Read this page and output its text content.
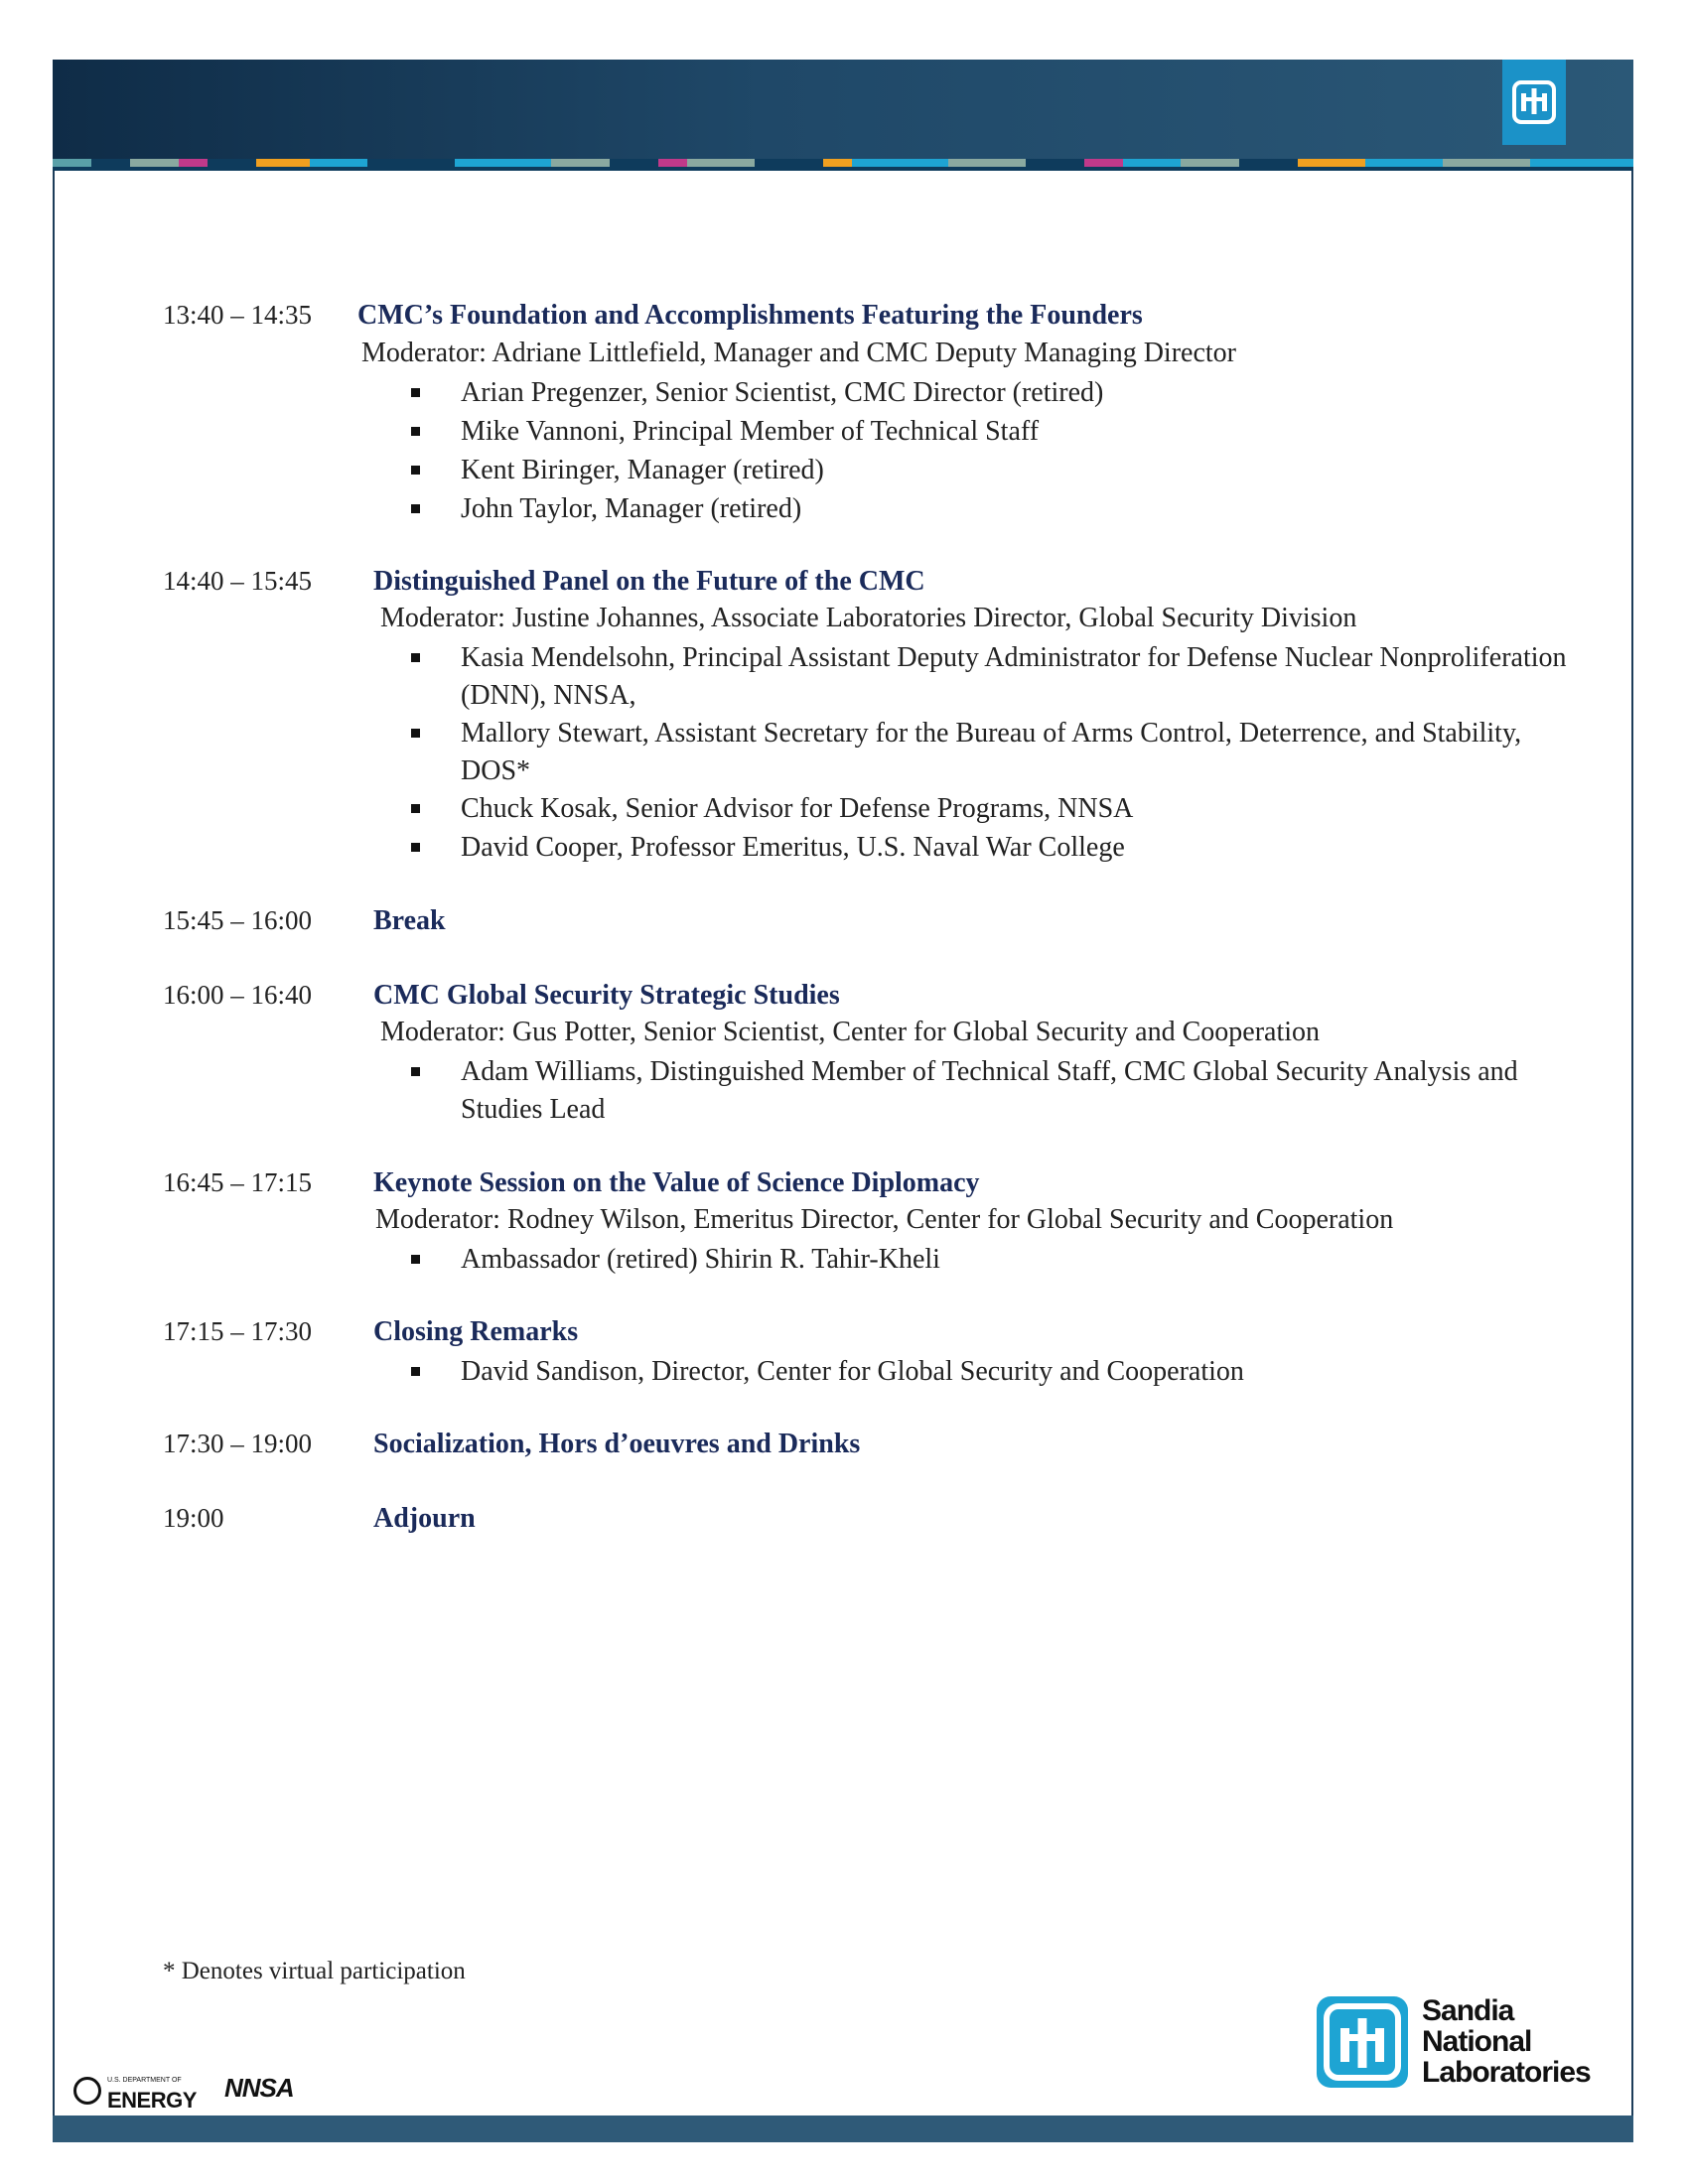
13:40 – 14:35 CMC’s Foundation and Accomplishments Featuring the Founders
Moderator: Adriane Littlefield, Manager and CMC Deputy Managing Director
Arian Pregenzer, Senior Scientist, CMC Director (retired)
Mike Vannoni, Principal Member of Technical Staff
Kent Biringer, Manager (retired)
John Taylor, Manager (retired)
14:40 – 15:45 Distinguished Panel on the Future of the CMC
Moderator: Justine Johannes, Associate Laboratories Director, Global Security Division
Kasia Mendelsohn, Principal Assistant Deputy Administrator for Defense Nuclear Nonproliferation (DNN), NNSA,
Mallory Stewart, Assistant Secretary for the Bureau of Arms Control, Deterrence, and Stability, DOS*
Chuck Kosak, Senior Advisor for Defense Programs, NNSA
David Cooper, Professor Emeritus, U.S. Naval War College
15:45 – 16:00 Break
16:00 – 16:40 CMC Global Security Strategic Studies
Moderator: Gus Potter, Senior Scientist, Center for Global Security and Cooperation
Adam Williams, Distinguished Member of Technical Staff, CMC Global Security Analysis and Studies Lead
16:45 – 17:15 Keynote Session on the Value of Science Diplomacy
Moderator: Rodney Wilson, Emeritus Director, Center for Global Security and Cooperation
Ambassador (retired) Shirin R. Tahir-Kheli
17:15 – 17:30 Closing Remarks
David Sandison, Director, Center for Global Security and Cooperation
17:30 – 19:00 Socialization, Hors d’oeuvres and Drinks
19:00	Adjourn
* Denotes virtual participation
U.S. DEPARTMENT OF
ENERGY NNSA
Sandia
National
Laboratories
